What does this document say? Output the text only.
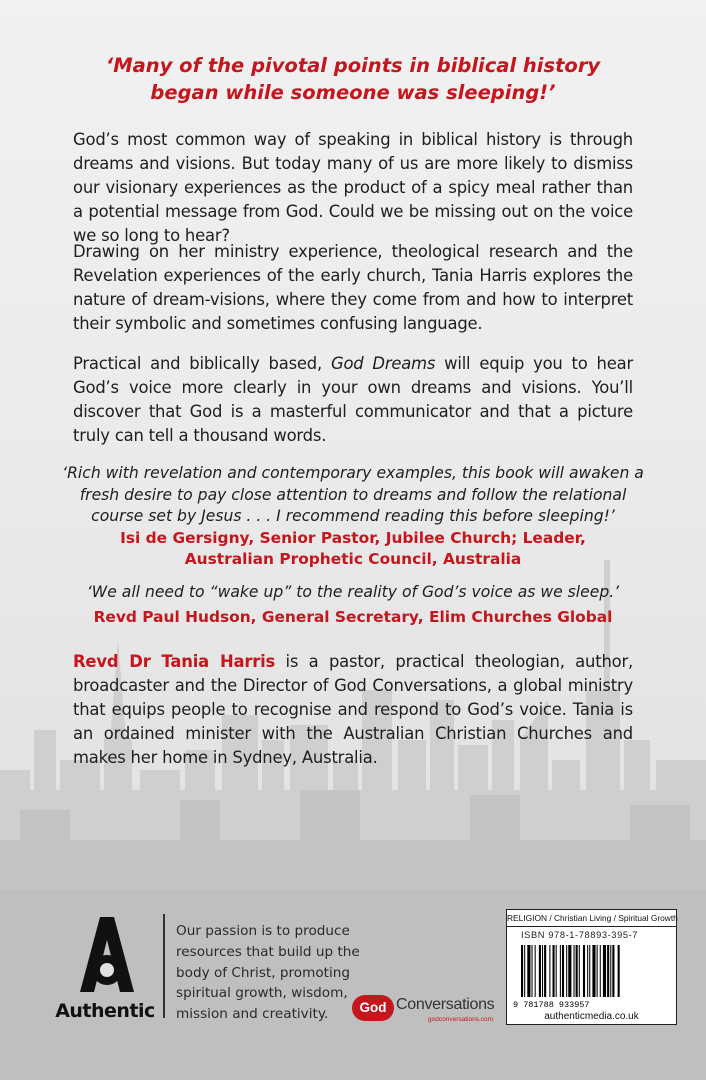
‘Many of the pivotal points in biblical history
began while someone was sleeping!’

God’s most common way of speaking in biblical history is through dreams and visions. But today many of us are more likely to dismiss our visionary experiences as the product of a spicy meal rather than a potential message from God. Could we be missing out on the voice we so long to hear?

Drawing on her ministry experience, theological research and the Revelation experiences of the early church, Tania Harris explores the nature of dream-visions, where they come from and how to interpret their symbolic and sometimes confusing language.

Practical and biblically based, God Dreams will equip you to hear God’s voice more clearly in your own dreams and visions. You’ll discover that God is a masterful communicator and that a picture truly can tell a thousand words.

‘Rich with revelation and contemporary examples, this book will awaken a fresh desire to pay close attention to dreams and follow the relational course set by Jesus . . . I recommend reading this before sleeping!’

Isi de Gersigny, Senior Pastor, Jubilee Church; Leader,

Australian Prophetic Council, Australia

‘We all need to “wake up” to the reality of God’s voice as we sleep.’

Revd Paul Hudson, General Secretary, Elim Churches Global

Revd Dr Tania Harris is a pastor, practical theologian, author, broadcaster and the Director of God Conversations, a global ministry that equips people to recognise and respond to God’s voice. Tania is an ordained minister with the Australian Christian Churches and makes her home in Sydney, Australia.

Authentic

Our passion is to produce resources that build up the body of Christ, promoting spiritual growth, wisdom, mission and creativity.	God Conversations
godconversations.com
RELIGION / Christian Living / Spiritual Growth
ISBN 978-1-78893-395-7
9 781788 933957
authenticmedia.co.uk
